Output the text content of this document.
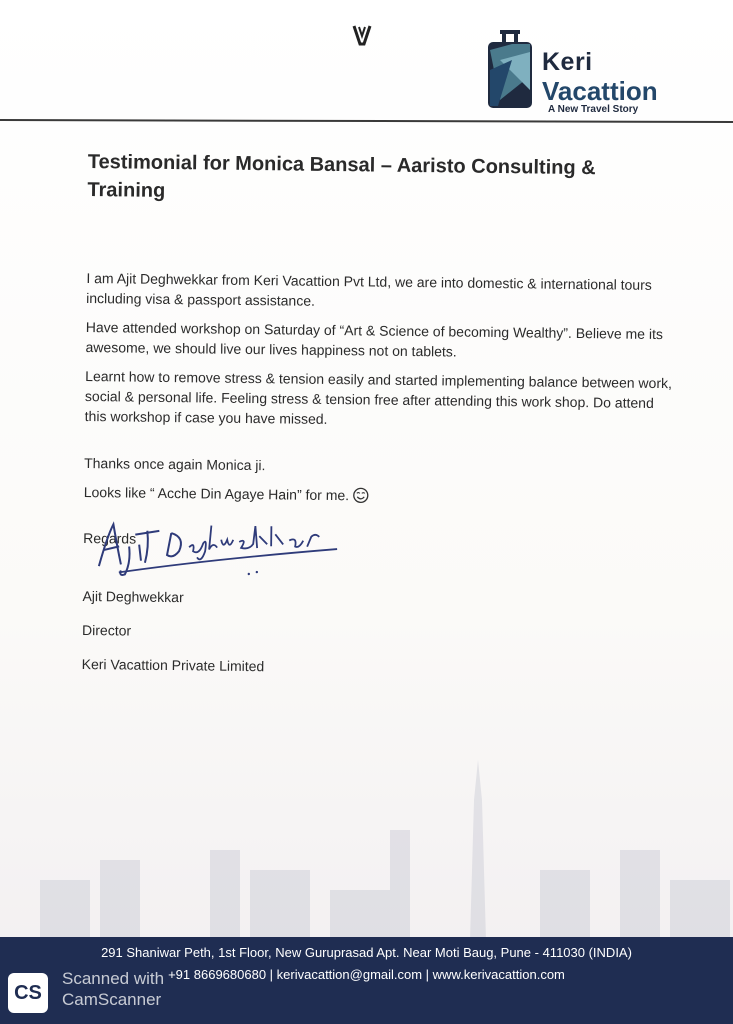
Keri
Vacattion
A New Travel Story
Testimonial for Monica Bansal – Aaristo Consulting & Training

I am Ajit Deghwekkar from Keri Vacattion Pvt Ltd, we are into domestic & international tours including visa & passport assistance.

Have attended workshop on Saturday of “Art & Science of becoming Wealthy”. Believe me its awesome, we should live our lives happiness not on tablets.

Learnt how to remove stress & tension easily and started implementing balance between work, social & personal life. Feeling stress & tension free after attending this work shop. Do attend this workshop if case you have missed.

Thanks once again Monica ji.

Looks like “ Acche Din Agaye Hain” for me.

Regards
Ajit Deghwekkar
Director
Keri Vacattion Private Limited
291 Shaniwar Peth, 1st Floor, New Guruprasad Apt. Near Moti Baug, Pune - 411030 (INDIA)
+91 8669680680 | kerivacattion@gmail.com | www.kerivacattion.com
CS
Scanned with
CamScanner
